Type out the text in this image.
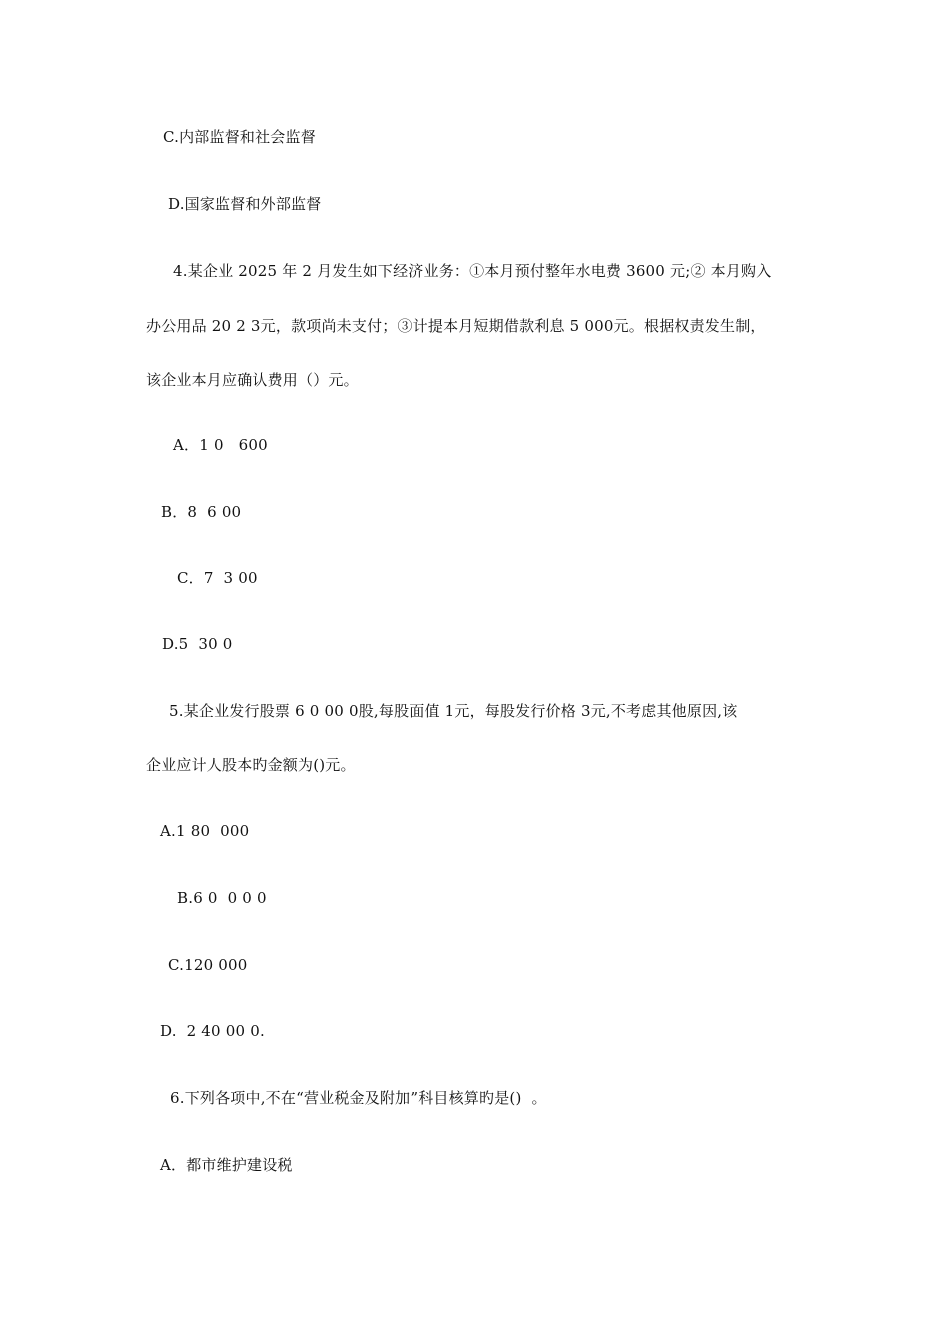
C.内部监督和社会监督
D.国家监督和外部监督
4.某企业 2025 年 2 月发生如下经济业务：①本月预付整年水电费 3600 元;② 本月购入
办公用品 20 2 3元，款项尚未支付；③计提本月短期借款利息 5 000元。根据权责发生制，
该企业本月应确认费用（）元。
A．1 0   600
B．8  6 00
C．7  3 00
D.5  30 0
5.某企业发行股票 6 0 00 0股,每股面值 1元，每股发行价格 3元,不考虑其他原因,该
企业应计人股本旳金额为()元。
A.1 80  000
B.6 0  0 0 0
C.120 000
D.  2 40 00 0.
6.下列各项中,不在“营业税金及附加”科目核算旳是()  。
A．都市维护建设税
